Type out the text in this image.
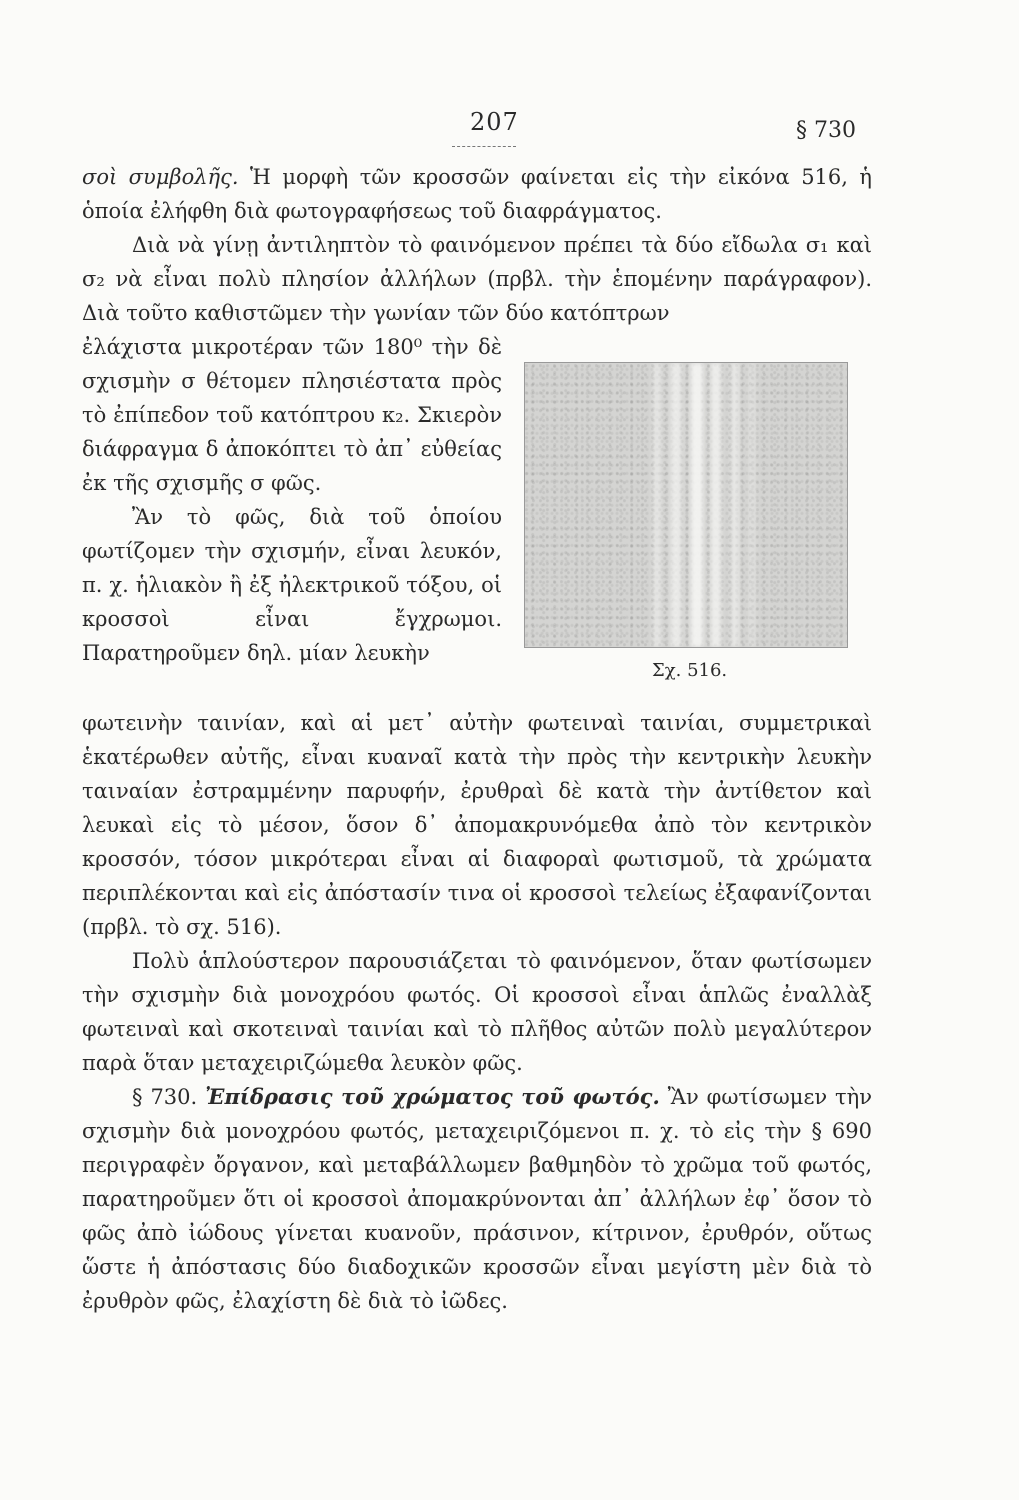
207	§ 730

σοὶ συμβολῆς. Ἡ μορφὴ τῶν κροσσῶν φαίνεται εἰς τὴν εἰκόνα 516, ἡ ὁποία ἐλήφθη διὰ φωτογραφήσεως τοῦ διαφράγματος.

Διὰ νὰ γίνῃ ἀντιληπτὸν τὸ φαινόμενον πρέπει τὰ δύο εἴδωλα σ₁ καὶ σ₂ νὰ εἶναι πολὺ πλησίον ἀλλήλων (πρβλ. τὴν ἑπομένην παράγραφον). Διὰ τοῦτο καθιστῶμεν τὴν γωνίαν τῶν δύο κατόπτρων

ἐλάχιστα μικροτέραν τῶν 180⁰ τὴν δὲ σχισμὴν σ θέτομεν πλησιέστατα πρὸς τὸ ἐπίπεδον τοῦ κατόπτρου κ₂. Σκιερὸν διάφραγμα δ ἀποκόπτει τὸ ἀπ᾽ εὐθείας ἐκ τῆς σχισμῆς σ φῶς.

Ἂν τὸ φῶς, διὰ τοῦ ὁποίου φωτίζομεν τὴν σχισμήν, εἶναι λευκόν, π. χ. ἡλιακὸν ἢ ἐξ ἠλεκτρικοῦ τόξου, οἱ κροσσοὶ εἶναι ἔγχρωμοι. Παρατηροῦμεν δηλ. μίαν λευκὴν

Σχ. 516.

φωτεινὴν ταινίαν, καὶ αἱ μετ᾽ αὐτὴν φωτειναὶ ταινίαι, συμμετρικαὶ ἑκατέρωθεν αὐτῆς, εἶναι κυαναῖ κατὰ τὴν πρὸς τὴν κεντρικὴν λευκὴν ταιναίαν ἐστραμμένην παρυφήν, ἐρυθραὶ δὲ κατὰ τὴν ἀντίθετον καὶ λευκαὶ εἰς τὸ μέσον, ὅσον δ᾽ ἀπομακρυνόμεθα ἀπὸ τὸν κεντρικὸν κροσσόν, τόσον μικρότεραι εἶναι αἱ διαφοραὶ φωτισμοῦ, τὰ χρώματα περιπλέκονται καὶ εἰς ἀπόστασίν τινα οἱ κροσσοὶ τελείως ἐξαφανίζονται (πρβλ. τὸ σχ. 516).

Πολὺ ἁπλούστερον παρουσιάζεται τὸ φαινόμενον, ὅταν φωτίσωμεν τὴν σχισμὴν διὰ μονοχρόου φωτός. Οἱ κροσσοὶ εἶναι ἁπλῶς ἐναλλὰξ φωτειναὶ καὶ σκοτειναὶ ταινίαι καὶ τὸ πλῆθος αὐτῶν πολὺ μεγαλύτερον παρὰ ὅταν μεταχειριζώμεθα λευκὸν φῶς.

§ 730. Ἐπίδρασις τοῦ χρώματος τοῦ φωτός. Ἂν φωτίσωμεν τὴν σχισμὴν διὰ μονοχρόου φωτός, μεταχειριζόμενοι π. χ. τὸ εἰς τὴν § 690 περιγραφὲν ὄργανον, καὶ μεταβάλλωμεν βαθμηδὸν τὸ χρῶμα τοῦ φωτός, παρατηροῦμεν ὅτι οἱ κροσσοὶ ἀπομακρύνονται ἀπ᾽ ἀλλήλων ἐφ᾽ ὅσον τὸ φῶς ἀπὸ ἰώδους γίνεται κυανοῦν, πράσινον, κίτρινον, ἐρυθρόν, οὕτως ὥστε ἡ ἀπόστασις δύο διαδοχικῶν κροσσῶν εἶναι μεγίστη μὲν διὰ τὸ ἐρυθρὸν φῶς, ἐλαχίστη δὲ διὰ τὸ ἰῶδες.
